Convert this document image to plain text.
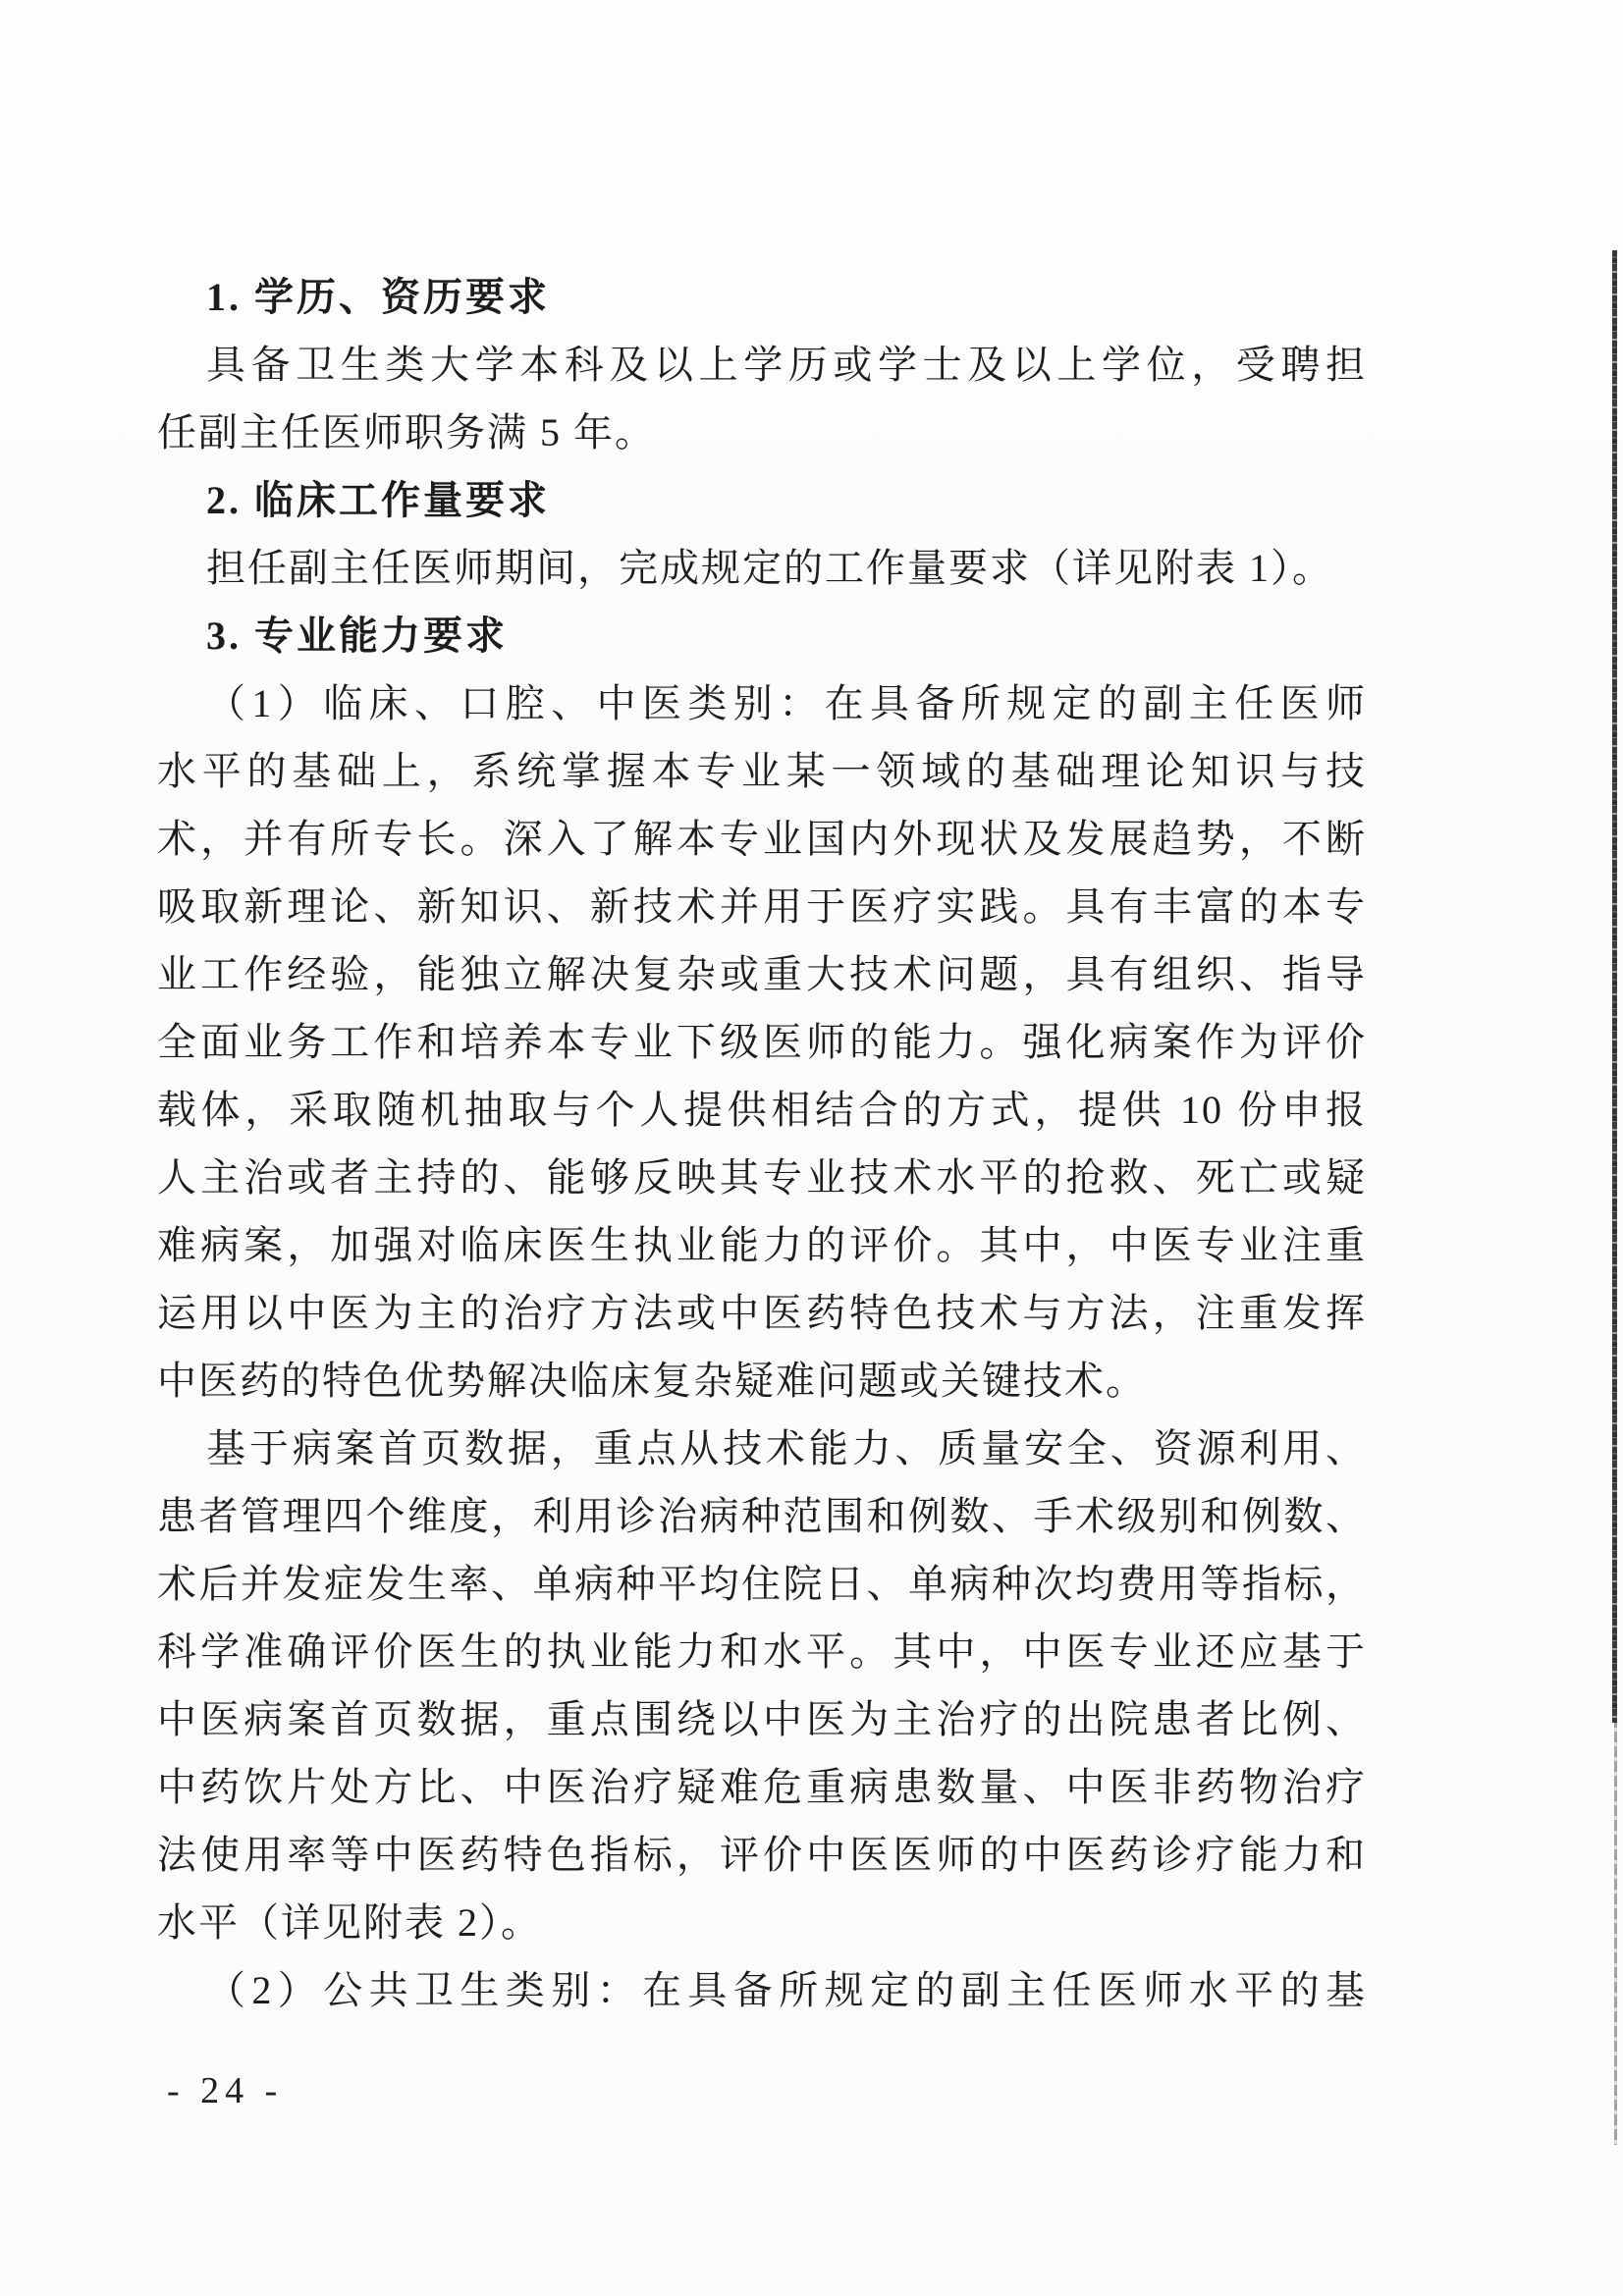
1. 学历、资历要求
具备卫生类大学本科及以上学历或学士及以上学位，受聘担
任副主任医师职务满 5 年。
2. 临床工作量要求
担任副主任医师期间，完成规定的工作量要求（详见附表 1）。
3. 专业能力要求
（1）临床、口腔、中医类别：在具备所规定的副主任医师
水平的基础上，系统掌握本专业某一领域的基础理论知识与技
术，并有所专长。深入了解本专业国内外现状及发展趋势，不断
吸取新理论、新知识、新技术并用于医疗实践。具有丰富的本专
业工作经验，能独立解决复杂或重大技术问题，具有组织、指导
全面业务工作和培养本专业下级医师的能力。强化病案作为评价
载体，采取随机抽取与个人提供相结合的方式，提供 10 份申报
人主治或者主持的、能够反映其专业技术水平的抢救、死亡或疑
难病案，加强对临床医生执业能力的评价。其中，中医专业注重
运用以中医为主的治疗方法或中医药特色技术与方法，注重发挥
中医药的特色优势解决临床复杂疑难问题或关键技术。
基于病案首页数据，重点从技术能力、质量安全、资源利用、
患者管理四个维度，利用诊治病种范围和例数、手术级别和例数、
术后并发症发生率、单病种平均住院日、单病种次均费用等指标，
科学准确评价医生的执业能力和水平。其中，中医专业还应基于
中医病案首页数据，重点围绕以中医为主治疗的出院患者比例、
中药饮片处方比、中医治疗疑难危重病患数量、中医非药物治疗
法使用率等中医药特色指标，评价中医医师的中医药诊疗能力和
水平（详见附表 2）。
（2）公共卫生类别：在具备所规定的副主任医师水平的基
- 24 -
